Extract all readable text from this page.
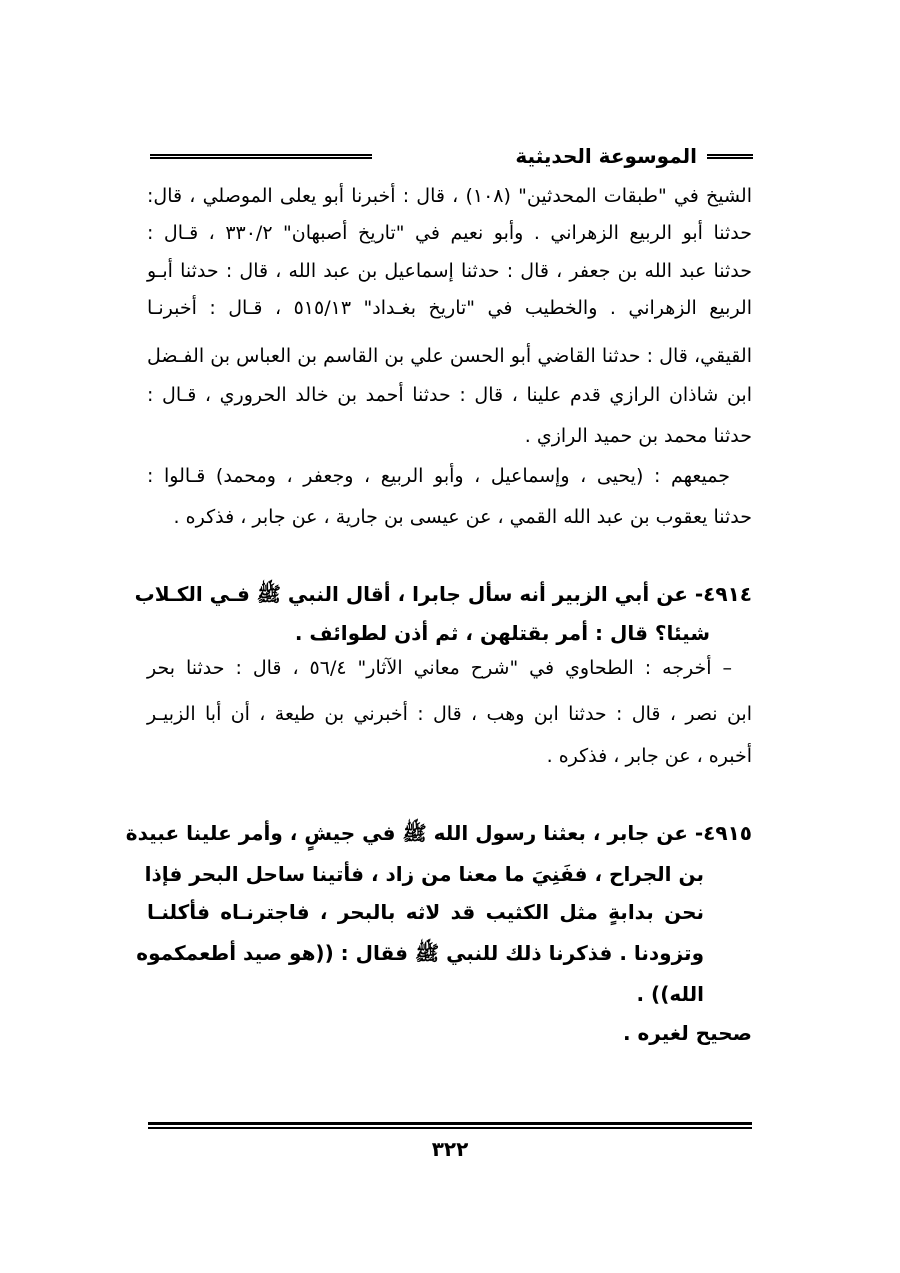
الموسوعة الحديثية
الشيخ في "طبقات المحدثين" (١٠٨) ، قال : أخبرنا أبو يعلى الموصلي ، قال:
حدثنا أبو الربيع الزهراني . وأبو نعيم في "تاريخ أصبهان" ٣٣٠/٢ ، قـال :
حدثنا عبد الله بن جعفر ، قال : حدثنا إسماعيل بن عبد الله ، قال : حدثنا أبـو
الربيع الزهراني . والخطيب في "تاريخ بغـداد" ٥١٥/١٣ ، قـال : أخبرنـا
القيقي، قال : حدثنا القاضي أبو الحسن علي بن القاسم بن العباس بن الفـضل
ابن شاذان الرازي قدم علينا ، قال : حدثنا أحمد بن خالد الحروري ، قـال :
حدثنا محمد بن حميد الرازي .
جميعهم : (يحيى ، وإسماعيل ، وأبو الربيع ، وجعفر ، ومحمد) قـالوا :
حدثنا يعقوب بن عبد الله القمي ، عن عيسى بن جارية ، عن جابر ، فذكره .
٤٩١٤- عن أبي الزبير أنه سأل جابرا ، أقال النبي ﷺ فـي الكـلاب
شيئا؟ قال : أمر بقتلهن ، ثم أذن لطوائف .
– أخرجه : الطحاوي في "شرح معاني الآثار" ٥٦/٤ ، قال : حدثنا بحر
ابن نصر ، قال : حدثنا ابن وهب ، قال : أخبرني بن طيعة ، أن أبا الزبيـر
أخبره ، عن جابر ، فذكره .
٤٩١٥- عن جابر ، بعثنا رسول الله ﷺ في جيشٍ ، وأمر علينا عبيدة
بن الجراح ، ففَنِيَ ما معنا من زاد ، فأتينا ساحل البحر فإذا
نحن بدابةٍ مثل الكثيب قد لاثه بالبحر ، فاجترنـاه فأكلنـا
وتزودنا . فذكرنا ذلك للنبي ﷺ فقال : ((هو صيد أطعمكموه
الله)) .
صحيح لغيره .
٣٢٢
